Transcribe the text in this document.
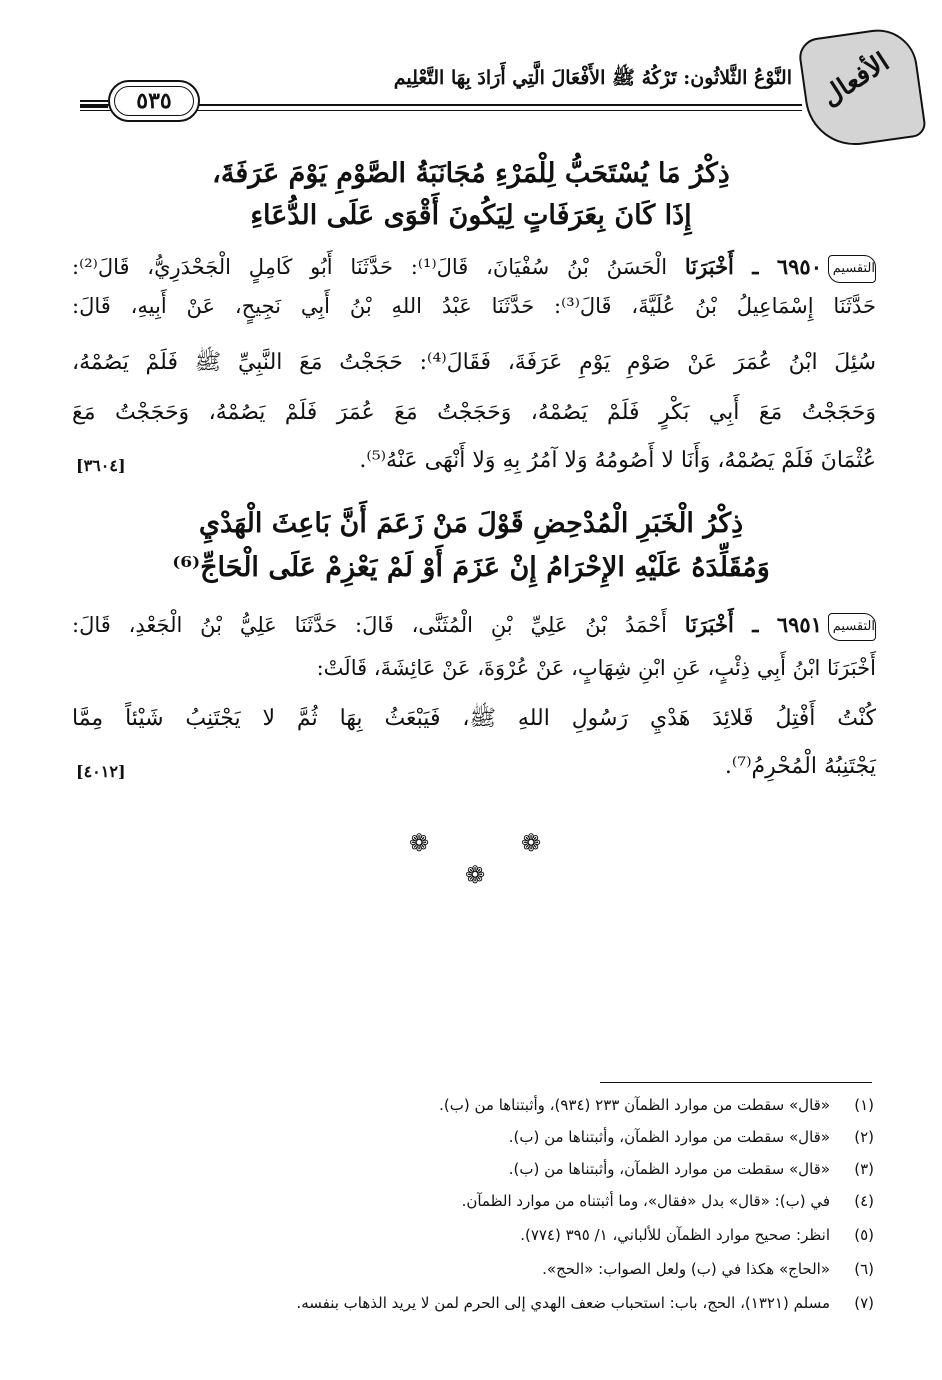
الأفعال
النَّوْعُ الثَّلاثُون: تَرْكُهُ ﷺ الأَفْعَالَ الَّتِي أَرَادَ بِهَا التَّعْلِيم
٥٣٥
ذِكْرُ مَا يُسْتَحَبُّ لِلْمَرْءِ مُجَانَبَةُ الصَّوْمِ يَوْمَ عَرَفَةَ،
إِذَا كَانَ بِعَرَفَاتٍ لِيَكُونَ أَقْوَى عَلَى الدُّعَاءِ
التقسيم٦٩٥٠ ـ أَخْبَرَنَا الْحَسَنُ بْنُ سُفْيَانَ، قَالَ⁽¹⁾: حَدَّثَنَا أَبُو كَامِلٍ الْجَحْدَرِيُّ، قَالَ⁽²⁾:
حَدَّثَنَا إِسْمَاعِيلُ بْنُ عُلَيَّةَ، قَالَ⁽³⁾: حَدَّثَنَا عَبْدُ اللهِ بْنُ أَبِي نَجِيحٍ، عَنْ أَبِيهِ، قَالَ:
سُئِلَ ابْنُ عُمَرَ عَنْ صَوْمِ يَوْمِ عَرَفَةَ، فَقَالَ⁽⁴⁾: حَجَجْتُ مَعَ النَّبِيِّ ﷺ فَلَمْ يَصُمْهُ،
وَحَجَجْتُ مَعَ أَبِي بَكْرٍ فَلَمْ يَصُمْهُ، وَحَجَجْتُ مَعَ عُمَرَ فَلَمْ يَصُمْهُ، وَحَجَجْتُ مَعَ
عُثْمَانَ فَلَمْ يَصُمْهُ، وَأَنَا لا أَصُومُهُ وَلا آمُرُ بِهِ وَلا أَنْهَى عَنْهُ⁽⁵⁾.
[٣٦٠٤]
ذِكْرُ الْخَبَرِ الْمُدْحِضِ قَوْلَ مَنْ زَعَمَ أَنَّ بَاعِثَ الْهَدْيِ
وَمُقَلِّدَهُ عَلَيْهِ الإِحْرَامُ إِنْ عَزَمَ أَوْ لَمْ يَعْزِمْ عَلَى الْحَاجِّ⁽⁶⁾
التقسيم٦٩٥١ ـ أَخْبَرَنَا أَحْمَدُ بْنُ عَلِيِّ بْنِ الْمُثَنَّى، قَالَ: حَدَّثَنَا عَلِيُّ بْنُ الْجَعْدِ، قَالَ:
أَخْبَرَنَا ابْنُ أَبِي ذِئْبٍ، عَنِ ابْنِ شِهَابٍ، عَنْ عُرْوَةَ، عَنْ عَائِشَةَ، قَالَتْ:
كُنْتُ أَفْتِلُ قَلائِدَ هَدْيِ رَسُولِ اللهِ ﷺ، فَيَبْعَثُ بِهَا ثُمَّ لا يَجْتَنِبُ شَيْئاً مِمَّا
يَجْتَنِبُهُ الْمُحْرِمُ⁽⁷⁾.
[٤٠١٢]
❁	❁
❁
(١)«قال» سقطت من موارد الظمآن ٢٣٣ (٩٣٤)، وأثبتناها من (ب).
(٢)«قال» سقطت من موارد الظمآن، وأثبتناها من (ب).
(٣)«قال» سقطت من موارد الظمآن، وأثبتناها من (ب).
(٤)في (ب): «قال» بدل «فقال»، وما أثبتناه من موارد الظمآن.
(٥)انظر: صحيح موارد الظمآن للألباني، ١/ ٣٩٥ (٧٧٤).
(٦)«الحاج» هكذا في (ب) ولعل الصواب: «الحج».
(٧)مسلم (١٣٢١)، الحج، باب: استحباب ضعف الهدي إلى الحرم لمن لا يريد الذهاب بنفسه.
